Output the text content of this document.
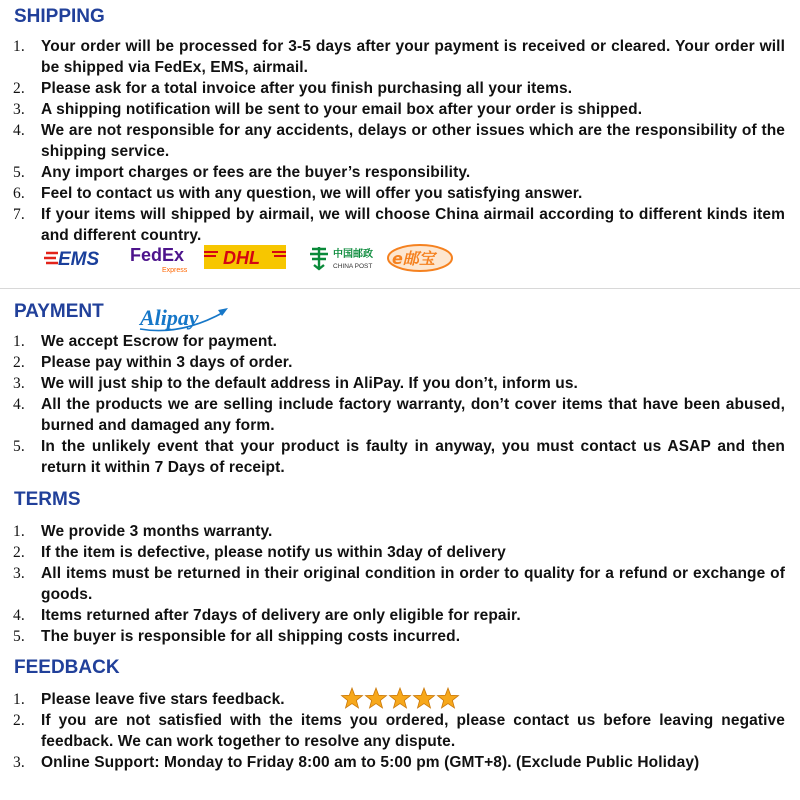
SHIPPING
1. Your order will be processed for 3-5 days after your payment is received or cleared. Your order will be shipped via FedEx, EMS, airmail.
2. Please ask for a total invoice after you finish purchasing all your items.
3. A shipping notification will be sent to your email box after your order is shipped.
4. We are not responsible for any accidents, delays or other issues which are the responsibility of the shipping service.
5. Any import charges or fees are the buyer’s responsibility.
6. Feel to contact us with any question, we will offer you satisfying answer.
7. If your items will shipped by airmail, we will choose China airmail according to different kinds item and different country.
EMS FedEx
Express
DHL	中国邮政
CHINA POST e邮宝
PAYMENT Alipay
1. We accept Escrow for payment.
2. Please pay within 3 days of order.
3. We will just ship to the default address in AliPay. If you don’t, inform us.
4. All the products we are selling include factory warranty, don’t cover items that have been abused, burned and damaged any form.
5. In the unlikely event that your product is faulty in anyway, you must contact us ASAP and then return it within 7 Days of receipt.
TERMS
1. We provide 3 months warranty.
2. If the item is defective, please notify us within 3day of delivery
3. All items must be returned in their original condition in order to quality for a refund or exchange of goods.
4. Items returned after 7days of delivery are only eligible for repair.
5. The buyer is responsible for all shipping costs incurred.
FEEDBACK
1. Please leave five stars feedback.
2. If you are not satisfied with the items you ordered, please contact us before leaving negative feedback. We can work together to resolve any dispute.
3. Online Support: Monday to Friday 8:00 am to 5:00 pm (GMT+8). (Exclude Public Holiday)
